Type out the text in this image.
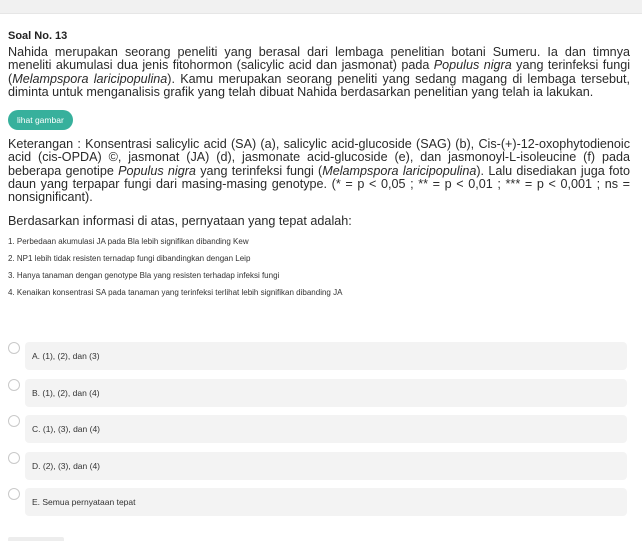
Soal No. 13

Nahida merupakan seorang peneliti yang berasal dari lembaga penelitian botani Sumeru. Ia dan timnya meneliti akumulasi dua jenis fitohormon (salicylic acid dan jasmonat) pada Populus nigra yang terinfeksi fungi (Melampspora laricipopulina). Kamu merupakan seorang peneliti yang sedang magang di lembaga tersebut, diminta untuk menganalisis grafik yang telah dibuat Nahida berdasarkan penelitian yang telah ia lakukan.

lihat gambar

Keterangan : Konsentrasi salicylic acid (SA) (a), salicylic acid-glucoside (SAG) (b), Cis-(+)-12-oxophytodienoic acid (cis-OPDA) ©, jasmonat (JA) (d), jasmonate acid-glucoside (e), dan jasmonoyl-L-isoleucine (f) pada beberapa genotipe Populus nigra yang terinfeksi fungi (Melampspora laricipopulina). Lalu disediakan juga foto daun yang terpapar fungi dari masing-masing genotype. (* = p < 0,05 ; ** = p < 0,01 ; *** = p < 0,001 ; ns = nonsignificant).

Berdasarkan informasi di atas, pernyataan yang tepat adalah:
1. Perbedaan akumulasi JA pada Bla lebih signifikan dibanding Kew
2. NP1 lebih tidak resisten ternadap fungi dibandingkan dengan Leip
3. Hanya tanaman dengan genotype Bla yang resisten terhadap infeksi fungi
4. Kenaikan konsentrasi SA pada tanaman yang terinfeksi terlihat lebih signifikan dibanding JA
A. (1), (2), dan (3)
B. (1), (2), dan (4)
C. (1), (3), dan (4)
D. (2), (3), dan (4)
E. Semua pernyataan tepat
